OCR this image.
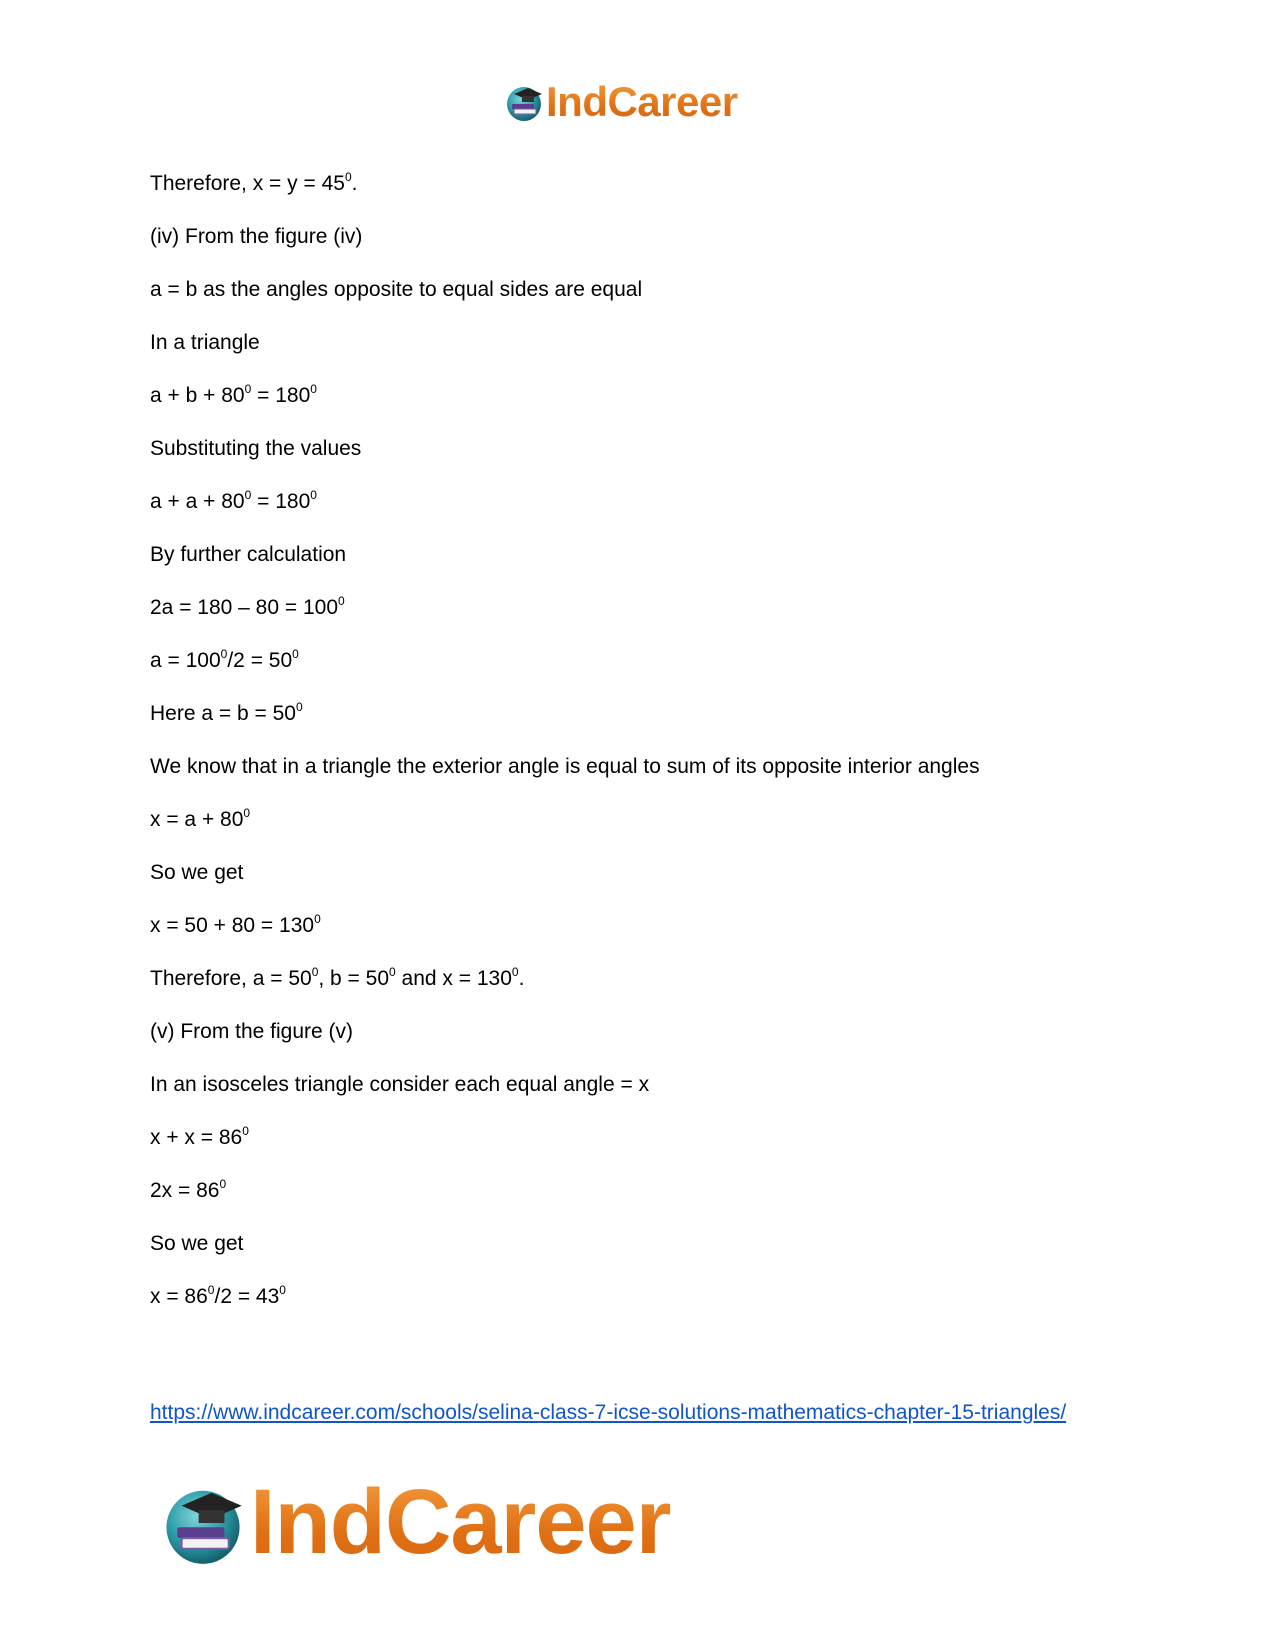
IndCareer
Therefore, $x = y = 45^0$.
(iv) From the figure (iv)
a = b as the angles opposite to equal sides are equal
In a triangle
$a + b + 80^0 = 180^0$
Substituting the values
$a + a + 80^0 = 180^0$
By further calculation
$2a = 180 - 80 = 100^0$
$a = 100^0/2 = 50^0$
Here $a = b = 50^0$
We know that in a triangle the exterior angle is equal to sum of its opposite interior angles
$x = a + 80^0$
So we get
$x = 50 + 80 = 130^0$
Therefore, $a = 50^0$, $b = 50^0$ and $x = 130^0$.
(v) From the figure (v)
In an isosceles triangle consider each equal angle = x
$x + x = 86^0$
$2x = 86^0$
So we get
$x = 86^0/2 = 43^0$
https://www.indcareer.com/schools/selina-class-7-icse-solutions-mathematics-chapter-15-triangles/
IndCareer
